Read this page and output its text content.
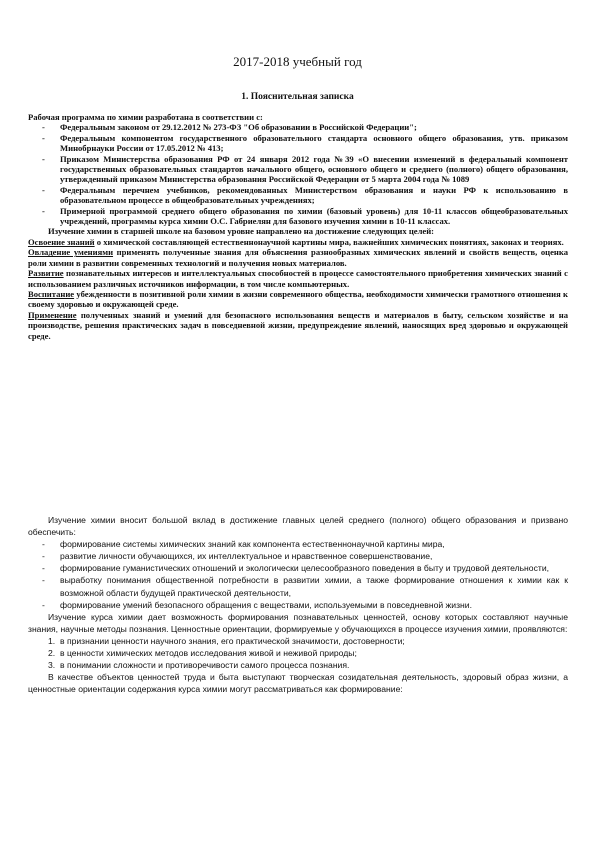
2017-2018 учебный год
1. Пояснительная записка

Рабочая программа по химии разработана в соответствии с:

- Федеральным законом от 29.12.2012 № 273-ФЗ "Об образовании в Российской Федерации";
- Федеральным компонентом государственного образовательного стандарта основного общего образования, утв. приказом Минобрнауки России от 17.05.2012 № 413;
- Приказом Министерства образования РФ от 24 января 2012 года №39 «О внесении изменений в федеральный компонент государственных образовательных стандартов начального общего, основного общего и среднего (полного) общего образования, утвержденный приказом Министерства образования Российской Федерации от 5 марта 2004 года № 1089
- Федеральным перечнем учебников, рекомендованных Министерством образования и науки РФ к использованию в образовательном процессе в общеобразовательных учреждениях;
- Примерной программой среднего общего образования по химии (базовый уровень) для 10-11 классов общеобразовательных учреждений, программы курса химии О.С. Габриелян для базового изучения химии в 10-11 классах.

Изучение химии в старшей школе на базовом уровне направлено на достижение следующих целей:

Освоение знаний о химической составляющей естественнонаучной картины мира, важнейших химических понятиях, законах и теориях.

Овладение умениями применять полученные знания для объяснения разнообразных химических явлений и свойств веществ, оценка роли химии в развитии современных технологий и получения новых материалов.

Развитие познавательных интересов и интеллектуальных способностей в процессе самостоятельного приобретения химических знаний с использованием различных источников информации, в том числе компьютерных.

Воспитание убежденности в позитивной роли химии в жизни современного общества, необходимости химически грамотного отношения к своему здоровью и окружающей среде.

Применение полученных знаний и умений для безопасного использования веществ и материалов в быту, сельском хозяйстве и на производстве, решения практических задач в повседневной жизни, предупреждение явлений, наносящих вред здоровью и окружающей среде.

Изучение химии вносит большой вклад в достижение главных целей среднего (полного) общего образования и призвано обеспечить:

- формирование системы химических знаний как компонента естественнонаучной картины мира,
- развитие личности обучающихся, их интеллектуальное и нравственное совершенствование,
- формирование гуманистических отношений и экологически целесообразного поведения в быту и трудовой деятельности,
- выработку понимания общественной потребности в развитии химии, а также формирование отношения к химии как к возможной области будущей практической деятельности,
- формирование умений безопасного обращения с веществами, используемыми в повседневной жизни.

Изучение курса химии дает возможность формирования познавательных ценностей, основу которых составляют научные знания, научные методы познания. Ценностные ориентации, формируемые у обучающихся в процессе изучения химии, проявляются:

1. в признании ценности научного знания, его практической значимости, достоверности;
2. в ценности химических методов исследования живой и неживой природы;
3. в понимании сложности и противоречивости самого процесса познания.

В качестве объектов ценностей труда и быта выступают творческая созидательная деятельность, здоровый образ жизни, а ценностные ориентации содержания курса химии могут рассматриваться как формирование:
